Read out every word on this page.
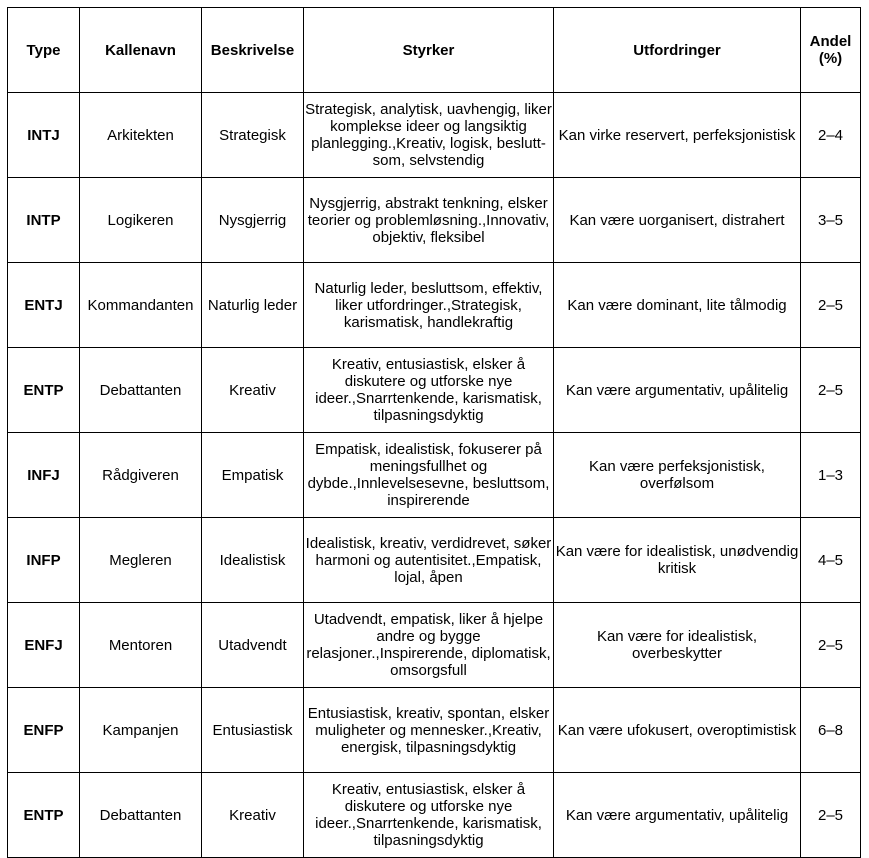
Type	Kallenavn	Beskrivelse	Styrker	Utfordringer	Andel (%)
INTJ	Arkitekten	Strategisk	Strategisk, analytisk, uavhengig, liker komplekse ideer og langsiktig planlegging.,Kreativ, logisk, besluttsom, selvstendig	Kan virke reservert, perfeksjonistisk	2–4
INTP	Logikeren	Nysgjerrig	Nysgjerrig, abstrakt tenkning, elsker teorier og problemløsning.,Innovativ, objektiv, fleksibel	Kan være uorganisert, distrahert	3–5
ENTJ	Kommandanten	Naturlig leder	Naturlig leder, besluttsom, effektiv, liker utfordringer.,Strategisk, karismatisk, handlekraftig	Kan være dominant, lite tålmodig	2–5
ENTP	Debattanten	Kreativ	Kreativ, entusiastisk, elsker å diskutere og utforske nye ideer.,Snarrtenkende, karismatisk, tilpasningsdyktig	Kan være argumentativ, upålitelig	2–5
INFJ	Rådgiveren	Empatisk	Empatisk, idealistisk, fokuserer på meningsfullhet og dybde.,Innlevelsesevne, besluttsom, inspirerende	Kan være perfeksjonistisk, overfølsom	1–3
INFP	Megleren	Idealistisk	Idealistisk, kreativ, verdidrevet, søker harmoni og autentisitet.,Empatisk, lojal, åpen	Kan være for idealistisk, unødvendig kritisk	4–5
ENFJ	Mentoren	Utadvendt	Utadvendt, empatisk, liker å hjelpe andre og bygge relasjoner.,Inspirerende, diplomatisk, omsorgsfull	Kan være for idealistisk, overbeskytter	2–5
ENFP	Kampanjen	Entusiastisk	Entusiastisk, kreativ, spontan, elsker muligheter og mennesker.,Kreativ, energisk, tilpasningsdyktig	Kan være ufokusert, overoptimistisk	6–8
ENTP	Debattanten	Kreativ	Kreativ, entusiastisk, elsker å diskutere og utforske nye ideer.,Snarrtenkende, karismatisk, tilpasningsdyktig	Kan være argumentativ, upålitelig	2–5
